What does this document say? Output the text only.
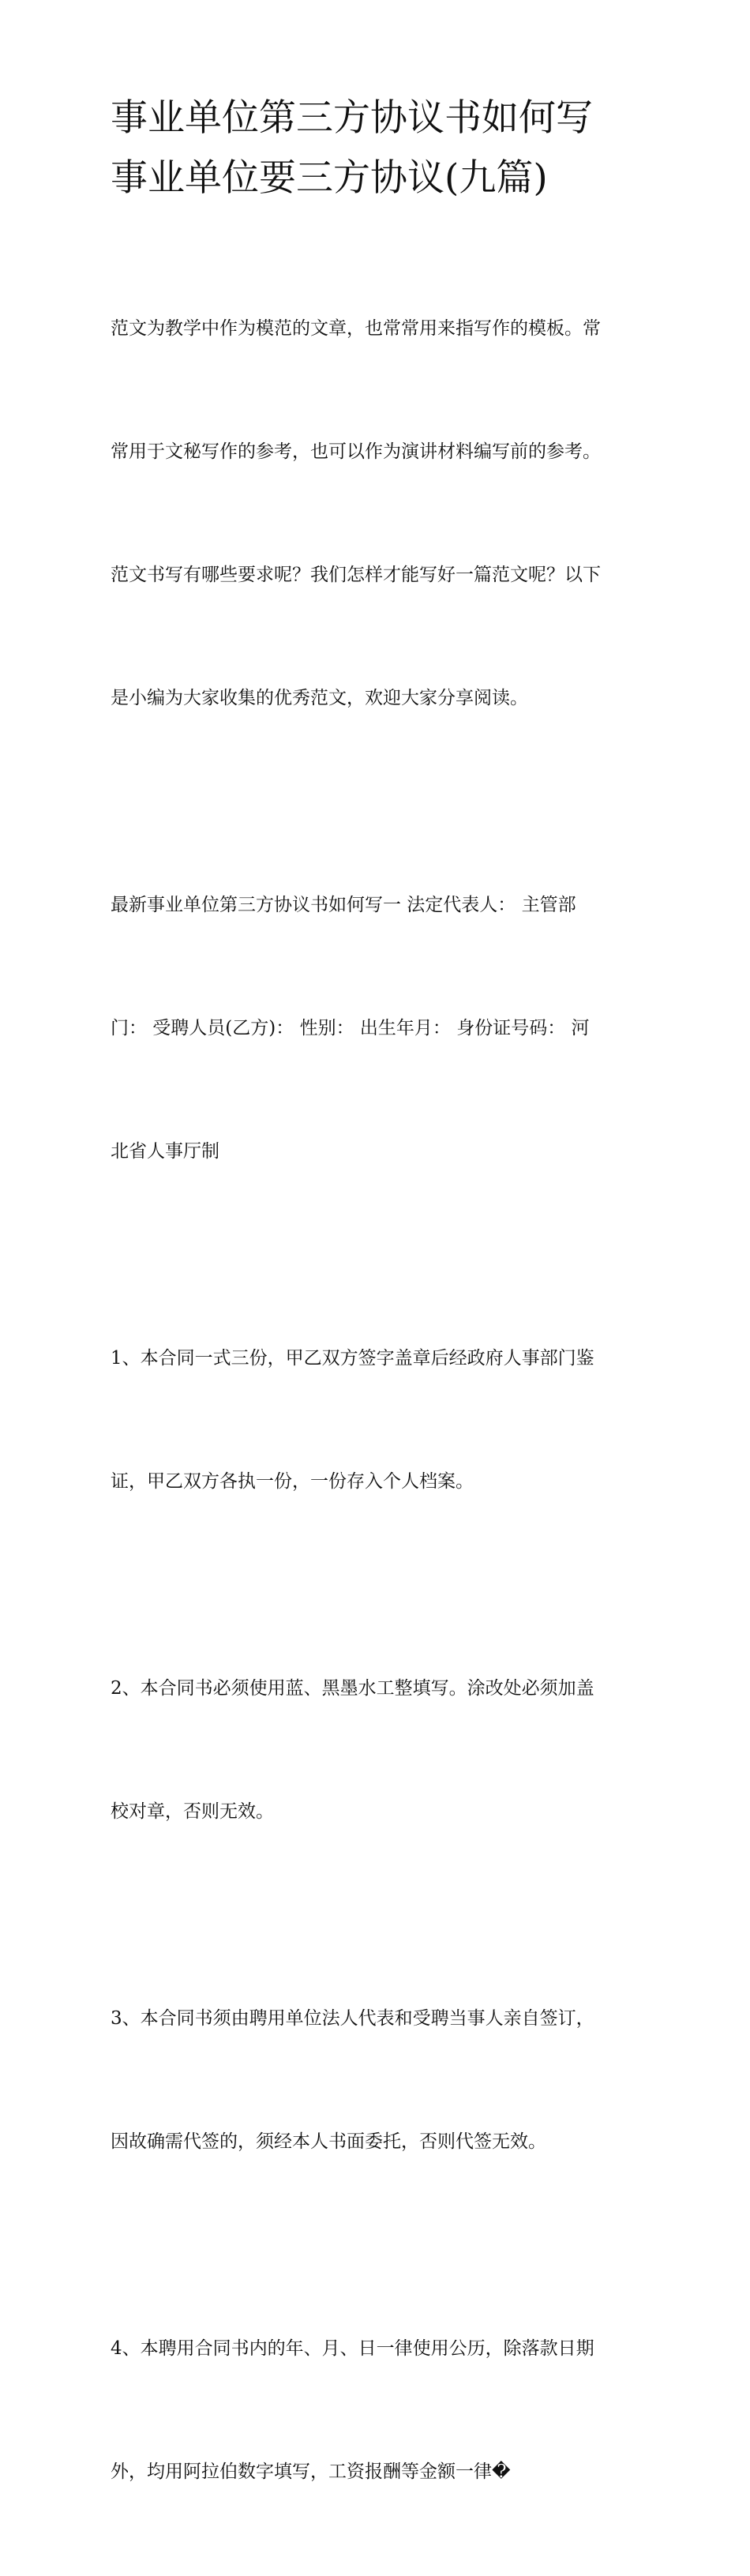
事业单位第三方协议书如何写
事业单位要三方协议(九篇)

范文为教学中作为模范的文章，也常常用来指写作的模板。常

常用于文秘写作的参考，也可以作为演讲材料编写前的参考。

范文书写有哪些要求呢？我们怎样才能写好一篇范文呢？以下

是小编为大家收集的优秀范文，欢迎大家分享阅读。

最新事业单位第三方协议书如何写一 法定代表人： 主管部

门： 受聘人员(乙方)： 性别： 出生年月： 身份证号码： 河

北省人事厅制

1、本合同一式三份，甲乙双方签字盖章后经政府人事部门鉴

证，甲乙双方各执一份，一份存入个人档案。

2、本合同书必须使用蓝、黑墨水工整填写。涂改处必须加盖

校对章，否则无效。

3、本合同书须由聘用单位法人代表和受聘当事人亲自签订，

因故确需代签的，须经本人书面委托，否则代签无效。

4、本聘用合同书内的年、月、日一律使用公历，除落款日期

外，均用阿拉伯数字填写，工资报酬等金额一律�
